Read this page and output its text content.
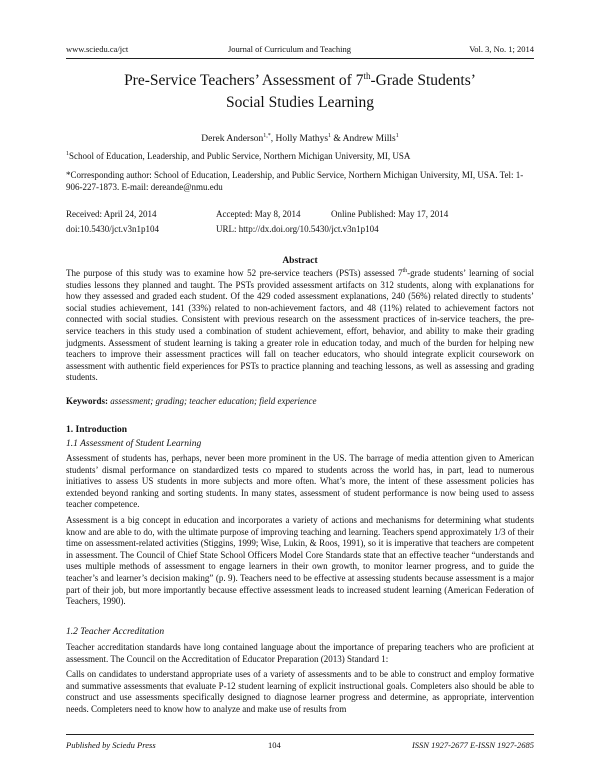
www.sciedu.ca/jct	Journal of Curriculum and Teaching	Vol. 3, No. 1; 2014
Pre-Service Teachers’ Assessment of 7th-Grade Students’
Social Studies Learning
Derek Anderson$^{1,*}$, Holly Mathys$^1$ & Andrew Mills$^1$
$^1$School of Education, Leadership, and Public Service, Northern Michigan University, MI, USA
*Corresponding author: School of Education, Leadership, and Public Service, Northern Michigan University, MI, USA. Tel: 1-906-227-1873. E-mail: dereande@nmu.edu
Received: April 24, 2014	Accepted: May 8, 2014	Online Published: May 17, 2014
doi:10.5430/jct.v3n1p104	URL: http://dx.doi.org/10.5430/jct.v3n1p104
Abstract
The purpose of this study was to examine how 52 pre-service teachers (PSTs) assessed 7th-grade students’ learning of social studies lessons they planned and taught. The PSTs provided assessment artifacts on 312 students, along with explanations for how they assessed and graded each student. Of the 429 coded assessment explanations, 240 (56%) related directly to students’ social studies achievement, 141 (33%) related to non-achievement factors, and 48 (11%) related to achievement factors not connected with social studies. Consistent with previous research on the assessment practices of in-service teachers, the pre-service teachers in this study used a combination of student achievement, effort, behavior, and ability to make their grading judgments. Assessment of student learning is taking a greater role in education today, and much of the burden for helping new teachers to improve their assessment practices will fall on teacher educators, who should integrate explicit coursework on assessment with authentic field experiences for PSTs to practice planning and teaching lessons, as well as assessing and grading students.
Keywords: assessment; grading; teacher education; field experience
1. Introduction
1.1 Assessment of Student Learning
Assessment of students has, perhaps, never been more prominent in the US. The barrage of media attention given to American students’ dismal performance on standardized tests co mpared to students across the world has, in part, lead to numerous initiatives to assess US students in more subjects and more often. What’s more, the intent of these assessment policies has extended beyond ranking and sorting students. In many states, assessment of student performance is now being used to assess teacher competence.
Assessment is a big concept in education and incorporates a variety of actions and mechanisms for determining what students know and are able to do, with the ultimate purpose of improving teaching and learning. Teachers spend approximately 1/3 of their time on assessment-related activities (Stiggins, 1999; Wise, Lukin, & Roos, 1991), so it is imperative that teachers are competent in assessment. The Council of Chief State School Officers Model Core Standards state that an effective teacher “understands and uses multiple methods of assessment to engage learners in their own growth, to monitor learner progress, and to guide the teacher’s and learner’s decision making” (p. 9). Teachers need to be effective at assessing students because assessment is a major part of their job, but more importantly because effective assessment leads to increased student learning (American Federation of Teachers, 1990).
1.2 Teacher Accreditation
Teacher accreditation standards have long contained language about the importance of preparing teachers who are proficient at assessment. The Council on the Accreditation of Educator Preparation (2013) Standard 1:
Calls on candidates to understand appropriate uses of a variety of assessments and to be able to construct and employ formative and summative assessments that evaluate P-12 student learning of explicit instructional goals. Completers also should be able to construct and use assessments specifically designed to diagnose learner progress and determine, as appropriate, intervention needs. Completers need to know how to analyze and make use of results from
Published by Sciedu Press	104	ISSN 1927-2677 E-ISSN 1927-2685
